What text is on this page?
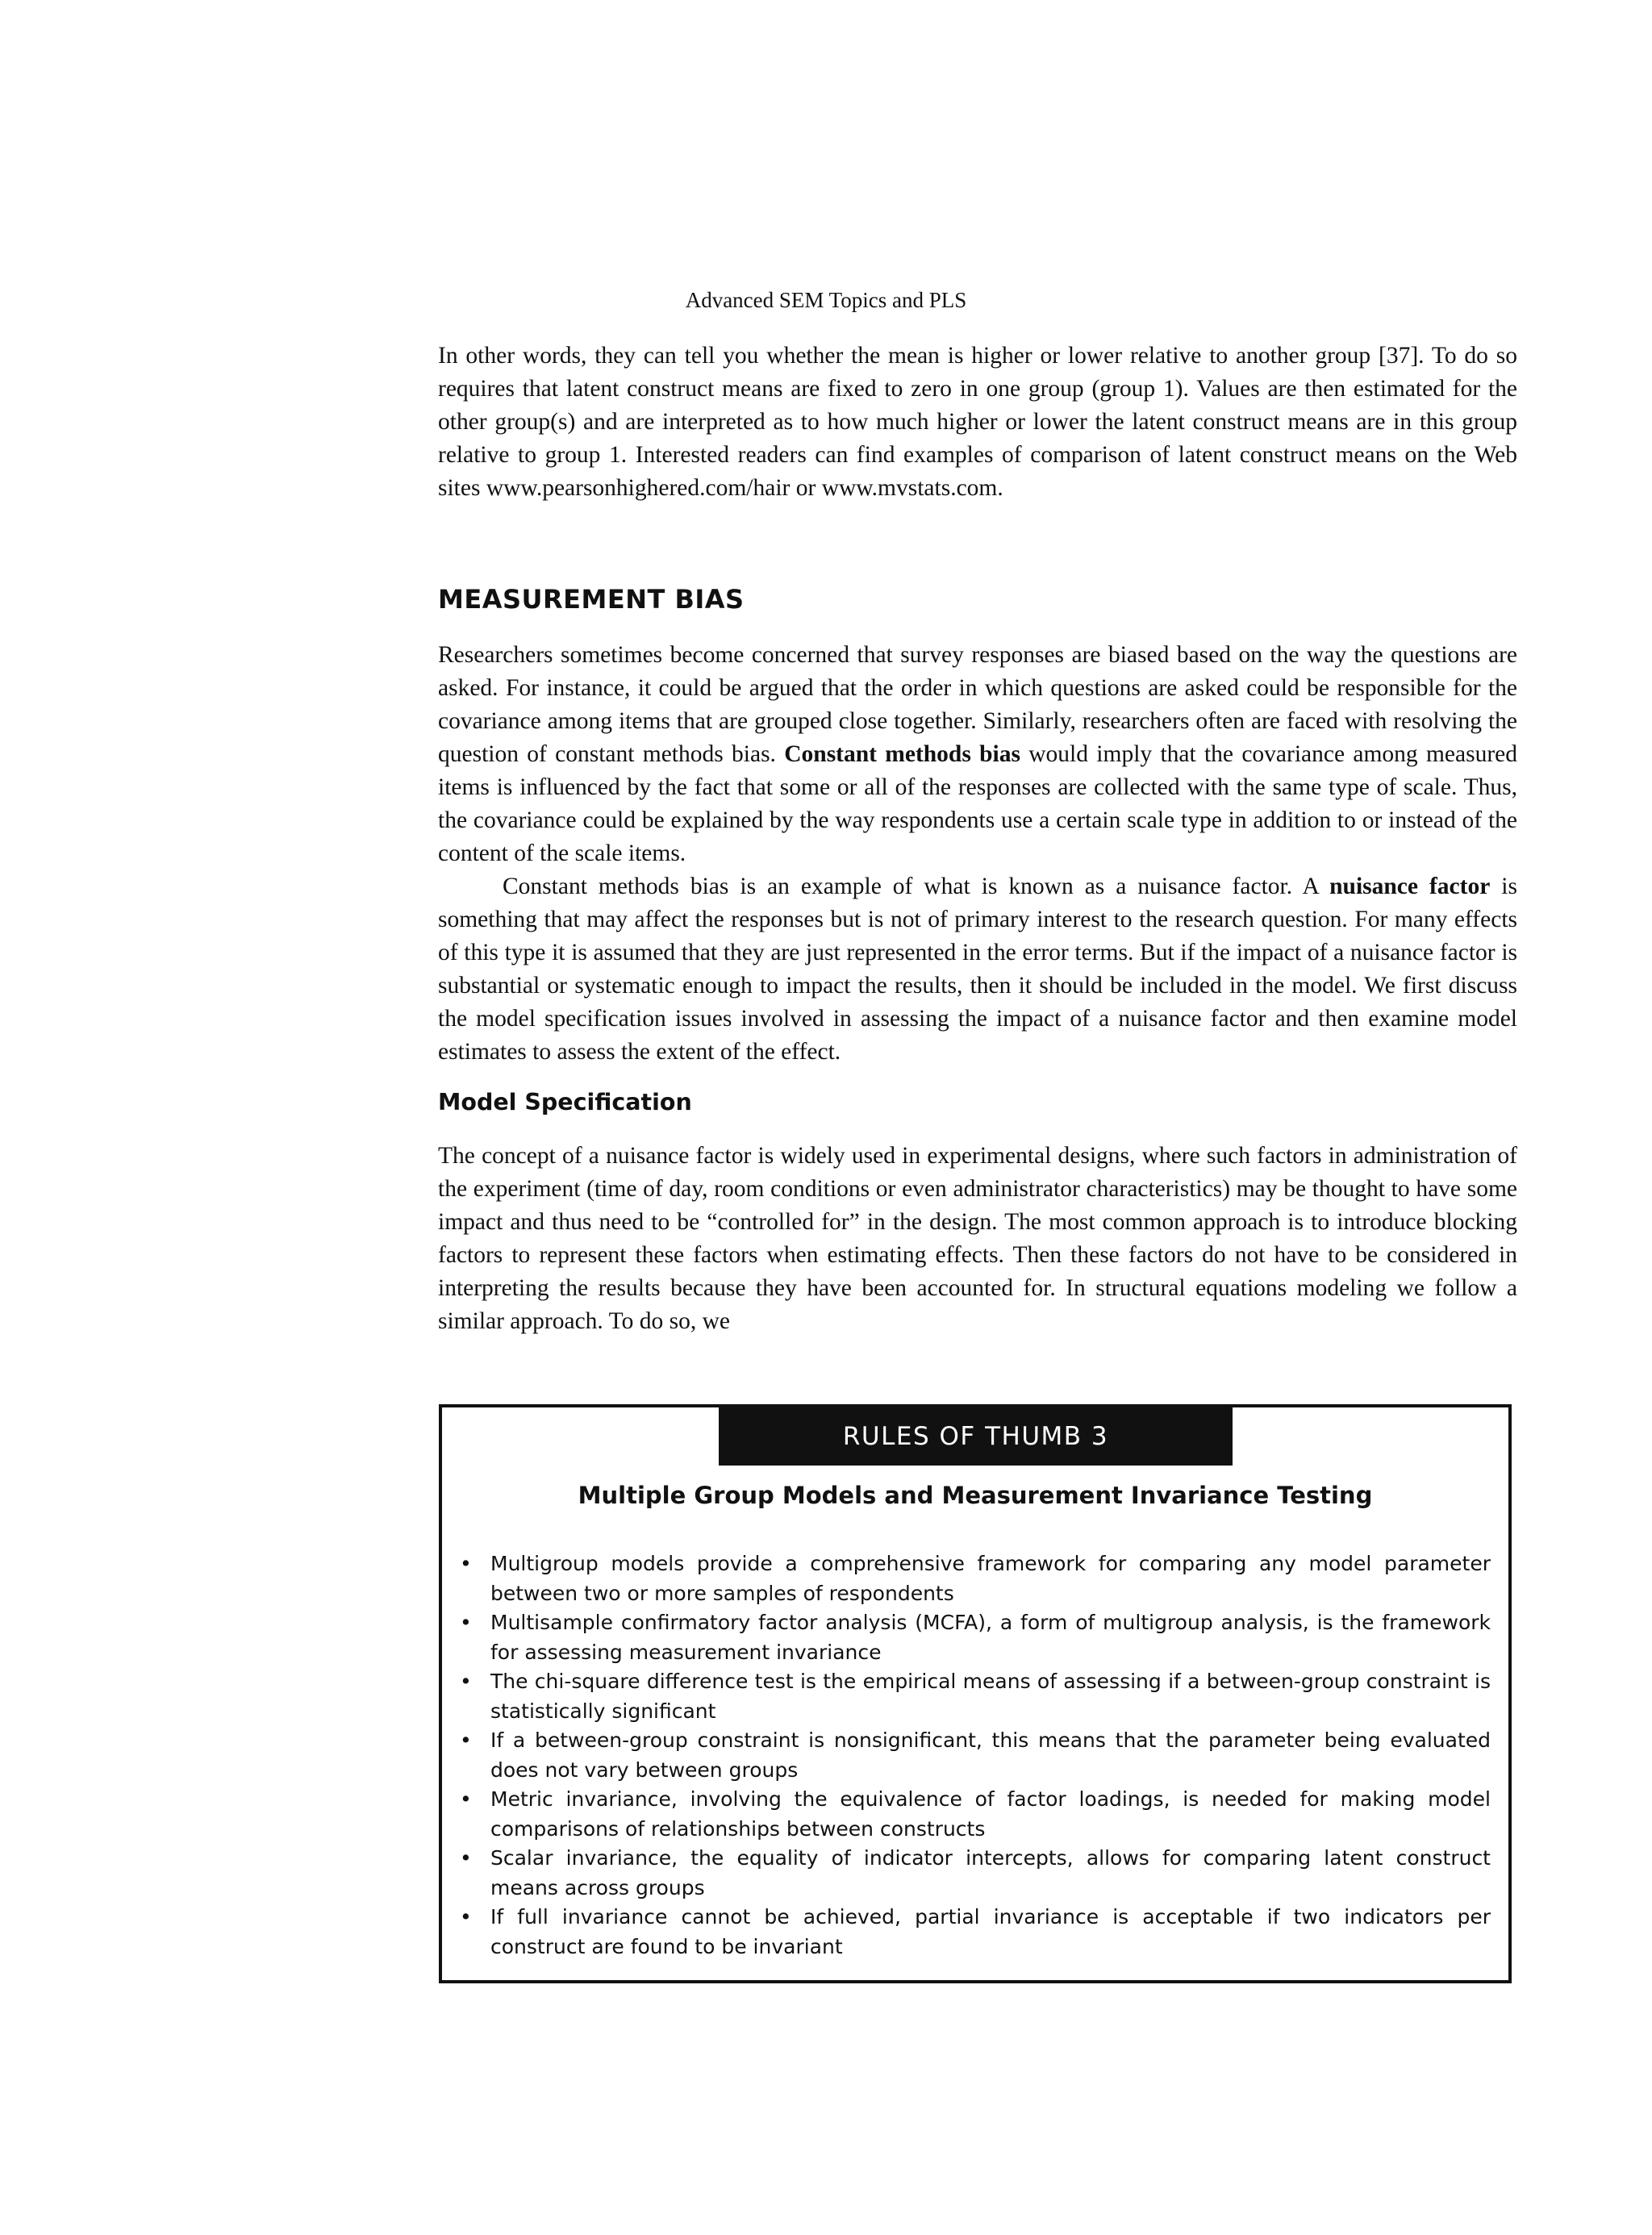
Advanced SEM Topics and PLS

In other words, they can tell you whether the mean is higher or lower relative to another group [37]. To do so requires that latent construct means are fixed to zero in one group (group 1). Values are then estimated for the other group(s) and are interpreted as to how much higher or lower the latent construct means are in this group relative to group 1. Interested readers can find examples of comparison of latent construct means on the Web sites www.pearsonhighered.com/hair or www.mvstats.com.

MEASUREMENT BIAS

Researchers sometimes become concerned that survey responses are biased based on the way the questions are asked. For instance, it could be argued that the order in which questions are asked could be responsible for the covariance among items that are grouped close together. Similarly, researchers often are faced with resolving the question of constant methods bias. Constant methods bias would imply that the covariance among measured items is influenced by the fact that some or all of the responses are collected with the same type of scale. Thus, the covariance could be explained by the way respondents use a certain scale type in addition to or instead of the content of the scale items.

Constant methods bias is an example of what is known as a nuisance factor. A nuisance factor is something that may affect the responses but is not of primary interest to the research question. For many effects of this type it is assumed that they are just represented in the error terms. But if the impact of a nuisance factor is substantial or systematic enough to impact the results, then it should be included in the model. We first discuss the model specification issues involved in assessing the impact of a nuisance factor and then examine model estimates to assess the extent of the effect.

Model Specification

The concept of a nuisance factor is widely used in experimental designs, where such factors in administration of the experiment (time of day, room conditions or even administrator characteristics) may be thought to have some impact and thus need to be “controlled for” in the design. The most common approach is to introduce blocking factors to represent these factors when estimating effects. Then these factors do not have to be considered in interpreting the results because they have been accounted for. In structural equations modeling we follow a similar approach. To do so, we

RULES OF THUMB 3
Multiple Group Models and Measurement Invariance Testing
• Multigroup models provide a comprehensive framework for comparing any model parameter between two or more samples of respondents
• Multisample confirmatory factor analysis (MCFA), a form of multigroup analysis, is the framework for assessing measurement invariance
• The chi-square difference test is the empirical means of assessing if a between-group constraint is statistically significant
• If a between-group constraint is nonsignificant, this means that the parameter being evaluated does not vary between groups
• Metric invariance, involving the equivalence of factor loadings, is needed for making model comparisons of relationships between constructs
• Scalar invariance, the equality of indicator intercepts, allows for comparing latent construct means across groups
• If full invariance cannot be achieved, partial invariance is acceptable if two indicators per construct are found to be invariant
